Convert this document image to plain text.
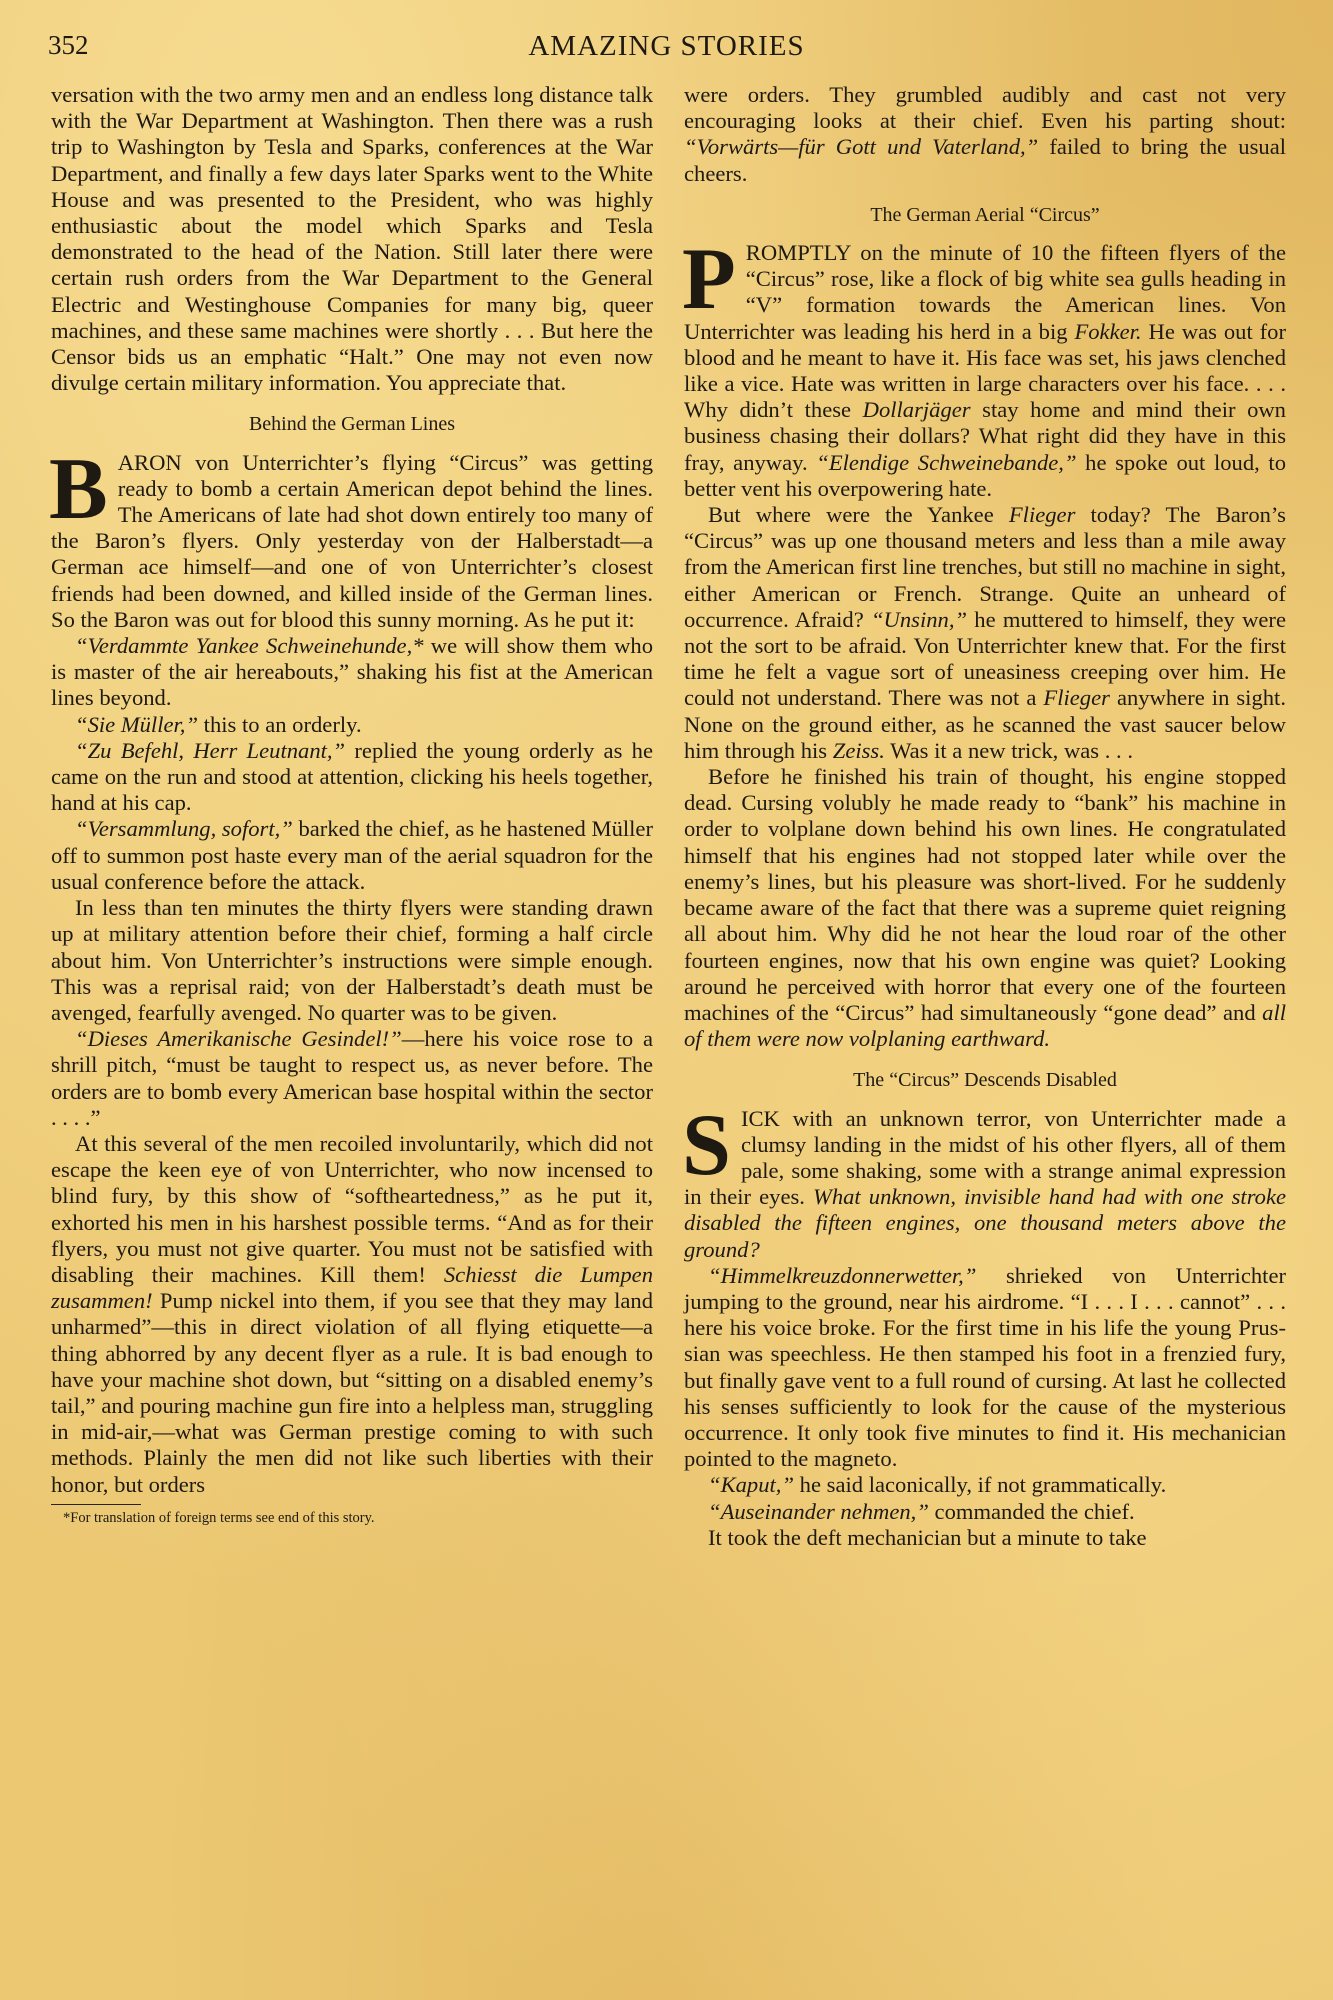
352	AMAZING STORIES

versation with the two army men and an endless long distance talk with the War Department at Washington. Then there was a rush trip to Washington by Tesla and Sparks, conferences at the War Department, and finally a few days later Sparks went to the White House and was presented to the President, who was highly enthusiastic about the model which Sparks and Tesla demonstrated to the head of the Nation. Still later there were certain rush orders from the War Department to the General Electric and Westinghouse Companies for many big, queer machines, and these same machines were shortly . . . But here the Censor bids us an emphatic “Halt.” One may not even now divulge certain military information. You appreciate that.

Behind the German Lines

BARON von Unterrichter’s flying “Circus” was getting ready to bomb a certain American depot behind the lines. The Americans of late had shot down entirely too many of the Baron’s flyers. Only yesterday von der Halberstadt—a German ace himself—and one of von Unterrichter’s closest friends had been downed, and killed inside of the German lines. So the Baron was out for blood this sunny morning. As he put it:

“Verdammte Yankee Schweinehunde,* we will show them who is master of the air hereabouts,” shaking his fist at the American lines beyond.

“Sie Müller,” this to an orderly.

“Zu Befehl, Herr Leutnant,” replied the young orderly as he came on the run and stood at attention, clicking his heels together, hand at his cap.

“Versammlung, sofort,” barked the chief, as he hastened Müller off to summon post haste every man of the aerial squadron for the usual conference before the attack.

In less than ten minutes the thirty flyers were standing drawn up at military attention before their chief, forming a half circle about him. Von Unterrichter’s instructions were simple enough. This was a reprisal raid; von der Halberstadt’s death must be avenged, fearfully avenged. No quarter was to be given.

“Dieses Amerikanische Gesindel!”—here his voice rose to a shrill pitch, “must be taught to respect us, as never before. The orders are to bomb every American base hospital within the sector . . . .”

At this several of the men recoiled involuntarily, which did not escape the keen eye of von Unterrichter, who now incensed to blind fury, by this show of “softheartedness,” as he put it, exhorted his men in his harshest possible terms. “And as for their flyers, you must not give quarter. You must not be satisfied with disabling their machines. Kill them! Schiesst die Lumpen zusammen! Pump nickel into them, if you see that they may land unharmed”—this in direct violation of all flying etiquette—a thing abhorred by any decent flyer as a rule. It is bad enough to have your machine shot down, but “sitting on a disabled enemy’s tail,” and pouring machine gun fire into a helpless man, struggling in mid-air,—what was German prestige coming to with such methods. Plainly the men did not like such liberties with their honor, but orders

*For translation of foreign terms see end of this story.

were orders. They grumbled audibly and cast not very encouraging looks at their chief. Even his parting shout: “Vorwärts—für Gott und Vaterland,” failed to bring the usual cheers.

The German Aerial “Circus”

PROMPTLY on the minute of 10 the fifteen flyers of the “Circus” rose, like a flock of big white sea gulls heading in “V” formation towards the American lines. Von Unterrichter was leading his herd in a big Fokker. He was out for blood and he meant to have it. His face was set, his jaws clenched like a vice. Hate was written in large characters over his face. . . . Why didn’t these Dollarjäger stay home and mind their own business chasing their dollars? What right did they have in this fray, anyway. “Elendige Schweinebande,” he spoke out loud, to better vent his overpowering hate.

But where were the Yankee Flieger today? The Baron’s “Circus” was up one thousand meters and less than a mile away from the American first line trenches, but still no machine in sight, either American or French. Strange. Quite an unheard of occurrence. Afraid? “Unsinn,” he muttered to himself, they were not the sort to be afraid. Von Unterrichter knew that. For the first time he felt a vague sort of uneasiness creeping over him. He could not understand. There was not a Flieger anywhere in sight. None on the ground either, as he scanned the vast saucer below him through his Zeiss. Was it a new trick, was . . .

Before he finished his train of thought, his engine stopped dead. Cursing volubly he made ready to “bank” his machine in order to volplane down behind his own lines. He congratulated himself that his engines had not stopped later while over the enemy’s lines, but his pleasure was short-lived. For he suddenly became aware of the fact that there was a supreme quiet reigning all about him. Why did he not hear the loud roar of the other fourteen engines, now that his own engine was quiet? Looking around he perceived with horror that every one of the fourteen machines of the “Circus” had simultaneously “gone dead” and all of them were now volplaning earthward.

The “Circus” Descends Disabled

SICK with an unknown terror, von Unterrichter made a clumsy landing in the midst of his other flyers, all of them pale, some shaking, some with a strange animal expression in their eyes. What unknown, invisible hand had with one stroke disabled the fifteen engines, one thousand meters above the ground?

“Himmelkreuzdonnerwetter,” shrieked von Unterrichter jumping to the ground, near his airdrome. “I . . . I . . . cannot” . . . here his voice broke. For the first time in his life the young Prussian was speechless. He then stamped his foot in a frenzied fury, but finally gave vent to a full round of cursing. At last he collected his senses sufficiently to look for the cause of the mysterious occurrence. It only took five minutes to find it. His mechanician pointed to the magneto.

“Kaput,” he said laconically, if not grammatically.

“Auseinander nehmen,” commanded the chief.

It took the deft mechanician but a minute to take
